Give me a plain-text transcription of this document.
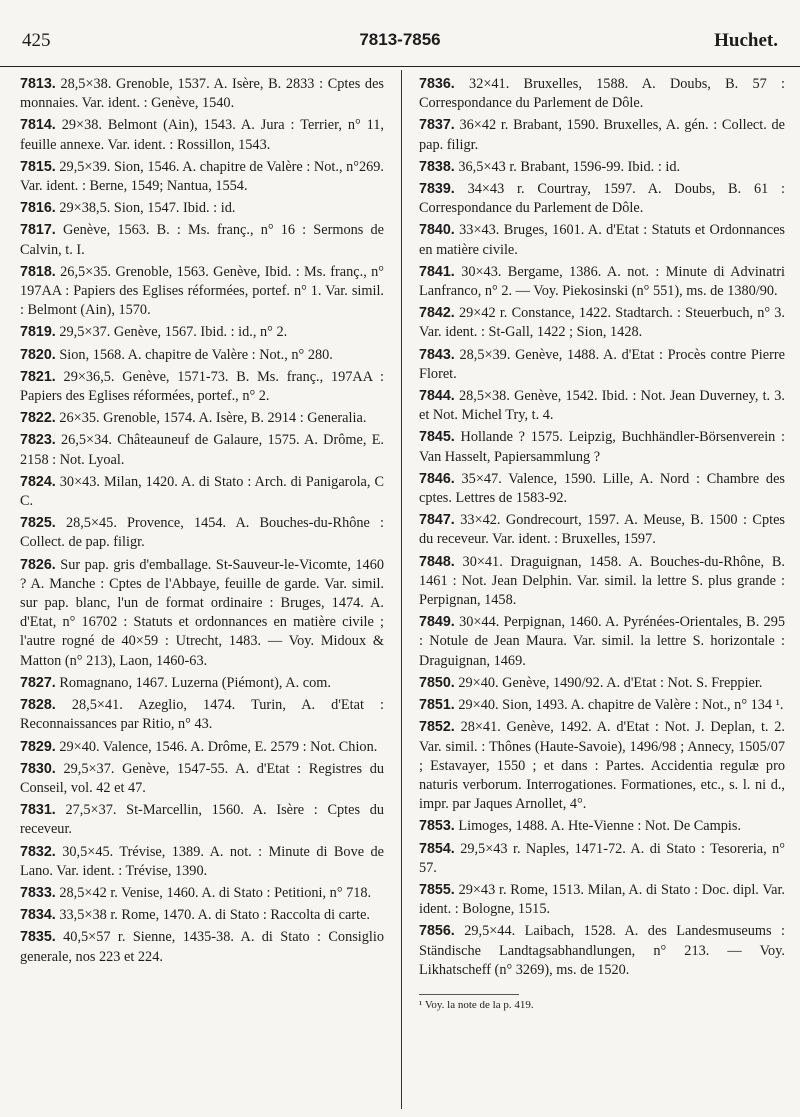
425	7813-7856	Huchet.

7813. 28,5×38. Grenoble, 1537. A. Isère, B. 2833 : Cptes des monnaies. Var. ident. : Genève, 1540.

7814. 29×38. Belmont (Ain), 1543. A. Jura : Terrier, n° 11, feuille annexe. Var. ident. : Rossillon, 1543.

7815. 29,5×39. Sion, 1546. A. chapitre de Valère : Not., n°269. Var. ident. : Berne, 1549; Nantua, 1554.

7816. 29×38,5. Sion, 1547. Ibid. : id.

7817. Genève, 1563. B. : Ms. franç., n° 16 : Sermons de Calvin, t. I.

7818. 26,5×35. Grenoble, 1563. Genève, Ibid. : Ms. franç., n° 197AA : Papiers des Eglises réformées, portef. n° 1. Var. simil. : Belmont (Ain), 1570.

7819. 29,5×37. Genève, 1567. Ibid. : id., n° 2.

7820. Sion, 1568. A. chapitre de Valère : Not., n° 280.

7821. 29×36,5. Genève, 1571-73. B. Ms. franç., 197AA : Papiers des Eglises réformées, portef., n° 2.

7822. 26×35. Grenoble, 1574. A. Isère, B. 2914 : Generalia.

7823. 26,5×34. Châteauneuf de Galaure, 1575. A. Drôme, E. 2158 : Not. Lyoal.

7824. 30×43. Milan, 1420. A. di Stato : Arch. di Panigarola, C C.

7825. 28,5×45. Provence, 1454. A. Bouches-du-Rhône : Collect. de pap. filigr.

7826. Sur pap. gris d'emballage. St-Sauveur-le-Vicomte, 1460 ? A. Manche : Cptes de l'Abbaye, feuille de garde. Var. simil. sur pap. blanc, l'un de format ordinaire : Bruges, 1474. A. d'Etat, n° 16702 : Statuts et ordonnances en matière civile ; l'autre rogné de 40×59 : Utrecht, 1483. — Voy. Midoux & Matton (n° 213), Laon, 1460-63.

7827. Romagnano, 1467. Luzerna (Piémont), A. com.

7828. 28,5×41. Azeglio, 1474. Turin, A. d'Etat : Reconnaissances par Ritio, n° 43.

7829. 29×40. Valence, 1546. A. Drôme, E. 2579 : Not. Chion.

7830. 29,5×37. Genève, 1547-55. A. d'Etat : Registres du Conseil, vol. 42 et 47.

7831. 27,5×37. St-Marcellin, 1560. A. Isère : Cptes du receveur.

7832. 30,5×45. Trévise, 1389. A. not. : Minute di Bove de Lano. Var. ident. : Trévise, 1390.

7833. 28,5×42 r. Venise, 1460. A. di Stato : Petitioni, n° 718.

7834. 33,5×38 r. Rome, 1470. A. di Stato : Raccolta di carte.

7835. 40,5×57 r. Sienne, 1435-38. A. di Stato : Consiglio generale, nos 223 et 224.

7836. 32×41. Bruxelles, 1588. A. Doubs, B. 57 : Correspondance du Parlement de Dôle.

7837. 36×42 r. Brabant, 1590. Bruxelles, A. gén. : Collect. de pap. filigr.

7838. 36,5×43 r. Brabant, 1596-99. Ibid. : id.

7839. 34×43 r. Courtray, 1597. A. Doubs, B. 61 : Correspondance du Parlement de Dôle.

7840. 33×43. Bruges, 1601. A. d'Etat : Statuts et Ordonnances en matière civile.

7841. 30×43. Bergame, 1386. A. not. : Minute di Advinatri Lanfranco, n° 2. — Voy. Piekosinski (n° 551), ms. de 1380/90.

7842. 29×42 r. Constance, 1422. Stadtarch. : Steuerbuch, n° 3. Var. ident. : St-Gall, 1422 ; Sion, 1428.

7843. 28,5×39. Genève, 1488. A. d'Etat : Procès contre Pierre Floret.

7844. 28,5×38. Genève, 1542. Ibid. : Not. Jean Duverney, t. 3. et Not. Michel Try, t. 4.

7845. Hollande ? 1575. Leipzig, Buchhändler-Börsenverein : Van Hasselt, Papiersammlung ?

7846. 35×47. Valence, 1590. Lille, A. Nord : Chambre des cptes. Lettres de 1583-92.

7847. 33×42. Gondrecourt, 1597. A. Meuse, B. 1500 : Cptes du receveur. Var. ident. : Bruxelles, 1597.

7848. 30×41. Draguignan, 1458. A. Bouches-du-Rhône, B. 1461 : Not. Jean Delphin. Var. simil. la lettre S. plus grande : Perpignan, 1458.

7849. 30×44. Perpignan, 1460. A. Pyrénées-Orientales, B. 295 : Notule de Jean Maura. Var. simil. la lettre S. horizontale : Draguignan, 1469.

7850. 29×40. Genève, 1490/92. A. d'Etat : Not. S. Freppier.

7851. 29×40. Sion, 1493. A. chapitre de Valère : Not., n° 134 ¹.

7852. 28×41. Genève, 1492. A. d'Etat : Not. J. Deplan, t. 2. Var. simil. : Thônes (Haute-Savoie), 1496/98 ; Annecy, 1505/07 ; Estavayer, 1550 ; et dans : Partes. Accidentia regulæ pro naturis verborum. Interrogationes. Formationes, etc., s. l. ni d., impr. par Jaques Arnollet, 4°.

7853. Limoges, 1488. A. Hte-Vienne : Not. De Campis.

7854. 29,5×43 r. Naples, 1471-72. A. di Stato : Tesoreria, n° 57.

7855. 29×43 r. Rome, 1513. Milan, A. di Stato : Doc. dipl. Var. ident. : Bologne, 1515.

7856. 29,5×44. Laibach, 1528. A. des Landesmuseums : Ständische Landtagsabhandlungen, n° 213. — Voy. Likhatscheff (n° 3269), ms. de 1520.

¹ Voy. la note de la p. 419.
